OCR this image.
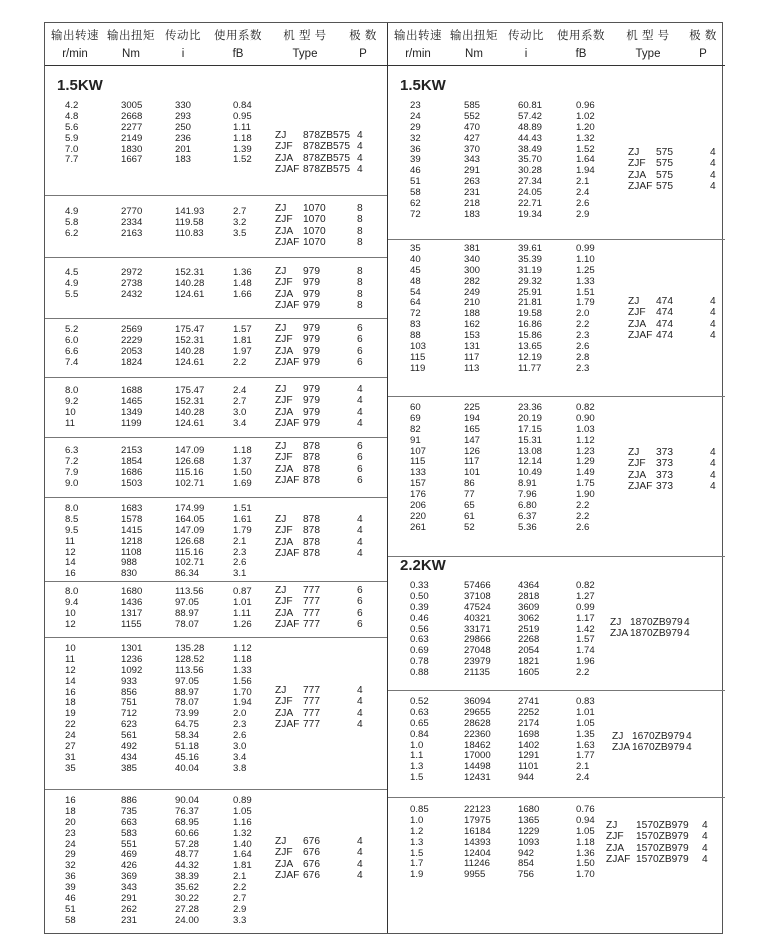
输出转速 输出扭矩 传动比 使用系数	机 型 号	极 数
r/min	Nm	i	fB	Type	P
1.5KW
4.2	3005	330	0.84
4.8	2668	293	0.95
5.6	2277	250	1.11
5.9	2149	236	1.18
7.0	1830	201	1.39
7.7	1667	183	1.52
ZJ 878ZB575 4
ZJF 878ZB575 4
ZJA 878ZB575 4
ZJAF 878ZB575 4
4.9	2770	141.93	2.7
5.8	2334	119.58	3.2
6.2	2163	110.83	3.5
ZJ 1070	8
ZJF 1070	8
ZJA 1070	8
ZJAF 1070	8
4.5	2972	152.31	1.36
4.9	2738	140.28	1.48
5.5	2432	124.61	1.66
ZJ 979	8
ZJF 979	8
ZJA 979	8
ZJAF 979	8
5.2	2569	175.47	1.57
6.0	2229	152.31	1.81
6.6	2053	140.28	1.97
7.4	1824	124.61	2.2
ZJ 979	6
ZJF 979	6
ZJA 979	6
ZJAF 979	6
8.0	1688	175.47	2.4
9.2	1465	152.31	2.7
10	1349	140.28	3.0
11	1199	124.61	3.4
ZJ 979	4
ZJF 979	4
ZJA 979	4
ZJAF 979	4
6.3	2153	147.09	1.18
7.2	1854	126.68	1.37
7.9	1686	115.16	1.50
9.0	1503	102.71	1.69
ZJ 878	6
ZJF 878	6
ZJA 878	6
ZJAF 878	6
8.0	1683	174.99	1.51
8.5	1578	164.05	1.61
9.5	1415	147.09	1.79
11	1218	126.68	2.1
12	1108	115.16	2.3
14	988	102.71	2.6
16	830	86.34	3.1
ZJ 878	4
ZJF 878	4
ZJA 878	4
ZJAF 878	4
8.0	1680	113.56	0.87
9.4	1436	97.05	1.01
10	1317	88.97	1.11
12	1155	78.07	1.26
ZJ 777	6
ZJF 777	6
ZJA 777	6
ZJAF 777	6
10	1301	135.28	1.12
11	1236	128.52	1.18
12	1092	113.56	1.33
14	933	97.05	1.56
16	856	88.97	1.70
18	751	78.07	1.94
19	712	73.99	2.0
22	623	64.75	2.3
24	561	58.34	2.6
27	492	51.18	3.0
31	434	45.16	3.4
35	385	40.04	3.8
ZJ 777	4
ZJF 777	4
ZJA 777	4
ZJAF 777	4
16	886	90.04	0.89
18	735	76.37	1.05
20	663	68.95	1.16
23	583	60.66	1.32
24	551	57.28	1.40
29	469	48.77	1.64
32	426	44.32	1.81
36	369	38.39	2.1
39	343	35.62	2.2
46	291	30.22	2.7
51	262	27.28	2.9
58	231	24.00	3.3
ZJ 676	4
ZJF 676	4
ZJA 676	4
ZJAF 676	4
输出转速 输出扭矩 传动比 使用系数	机 型 号	极 数
r/min	Nm	i	fB	Type	P
1.5KW
2.2KW
23	585	60.81	0.96
24	552	57.42	1.02
29	470	48.89	1.20
32	427	44.43	1.32
36	370	38.49	1.52
39	343	35.70	1.64
46	291	30.28	1.94
51	263	27.34	2.1
58	231	24.05	2.4
62	218	22.71	2.6
72	183	19.34	2.9
ZJ 575	4
ZJF 575	4
ZJA 575	4
ZJAF 575	4
35	381	39.61	0.99
40	340	35.39	1.10
45	300	31.19	1.25
48	282	29.32	1.33
54	249	25.91	1.51
64	210	21.81	1.79
72	188	19.58	2.0
83	162	16.86	2.2
88	153	15.86	2.3
103	131	13.65	2.6
115	117	12.19	2.8
119	113	11.77	2.3
ZJ 474	4
ZJF 474	4
ZJA 474	4
ZJAF 474	4
60	225	23.36	0.82
69	194	20.19	0.90
82	165	17.15	1.03
91	147	15.31	1.12
107	126	13.08	1.23
115	117	12.14	1.29
133	101	10.49	1.49
157	86	8.91	1.75
176	77	7.96	1.90
206	65	6.80	2.2
220	61	6.37	2.2
261	52	5.36	2.6
ZJ 373	4
ZJF 373	4
ZJA 373	4
ZJAF 373	4
0.33	57466	4364	0.82
0.50	37108	2818	1.27
0.39	47524	3609	0.99
0.46	40321	3062	1.17
0.56	33171	2519	1.42
0.63	29866	2268	1.57
0.69	27048	2054	1.74
0.78	23979	1821	1.96
0.88	21135	1605	2.2
ZJ 1870ZB979 4
ZJA 1870ZB979 4
0.52	36094	2741	0.83
0.63	29655	2252	1.01
0.65	28628	2174	1.05
0.84	22360	1698	1.35
1.0	18462	1402	1.63
1.1	17000	1291	1.77
1.3	14498	1101	2.1
1.5	12431	944	2.4
ZJ 1670ZB979 4
ZJA 1670ZB979 4
0.85	22123	1680	0.76
1.0	17975	1365	0.94
1.2	16184	1229	1.05
1.3	14393	1093	1.18
1.5	12404	942	1.36
1.7	11246	854	1.50
1.9	9955	756	1.70
ZJ 1570ZB979 4
ZJF 1570ZB979 4
ZJA 1570ZB979 4
ZJAF 1570ZB979 4
